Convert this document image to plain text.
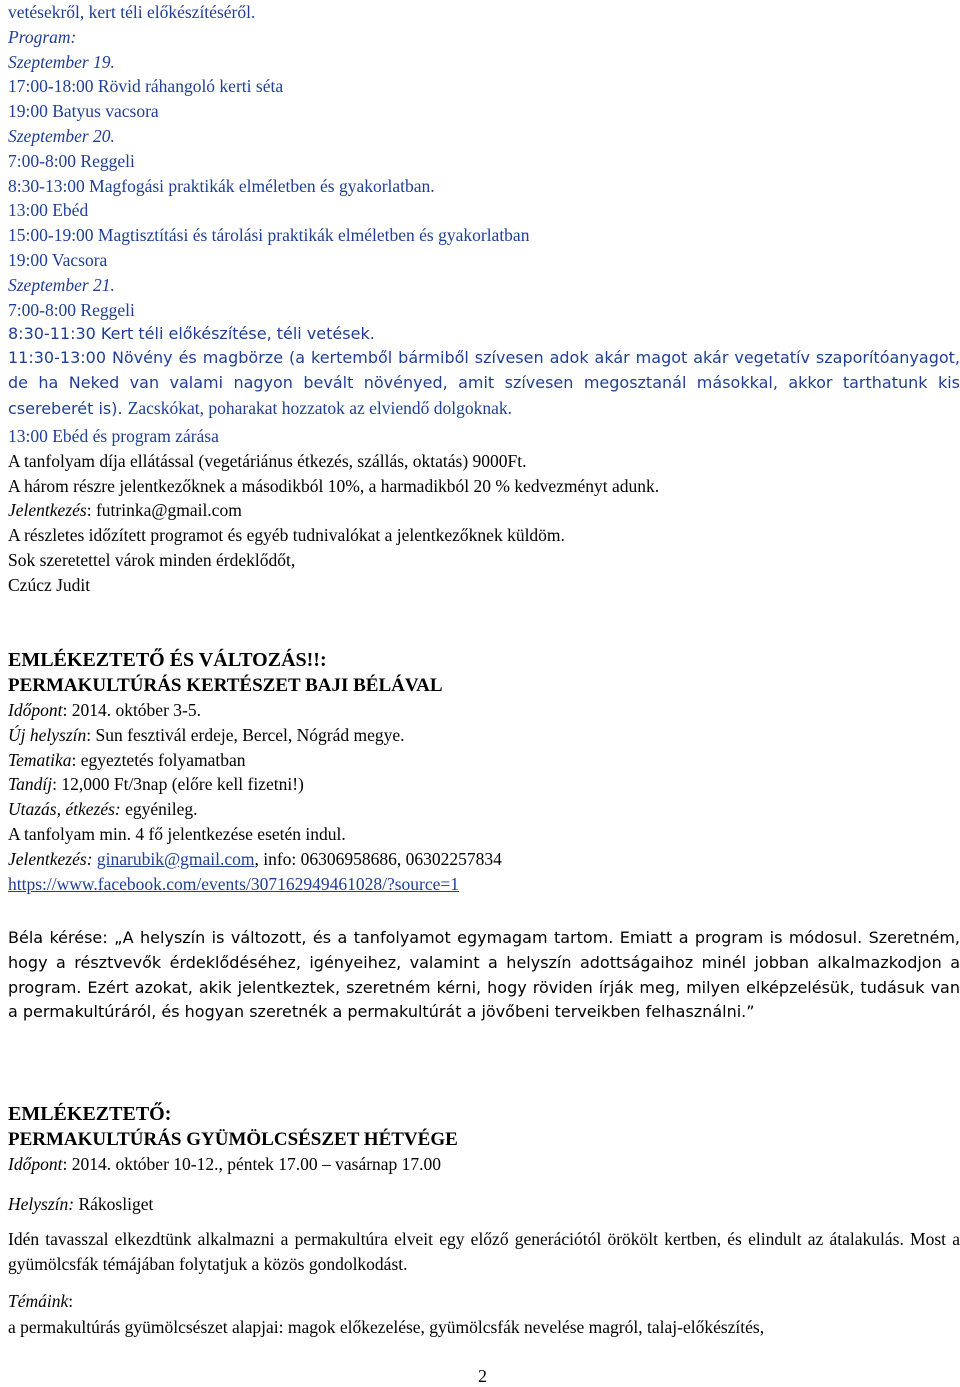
vetésekről, kert téli előkészítéséről.
Program:
Szeptember 19.
17:00-18:00 Rövid ráhangoló kerti séta
19:00 Batyus vacsora
Szeptember 20.
7:00-8:00 Reggeli
8:30-13:00 Magfogási praktikák elméletben és gyakorlatban.
13:00 Ebéd
15:00-19:00 Magtisztítási és tárolási praktikák elméletben és gyakorlatban
19:00 Vacsora
Szeptember 21.
7:00-8:00 Reggeli
8:30-11:30 Kert téli előkészítése, téli vetések.
11:30-13:00 Növény és magbörze (a kertemből bármiből szívesen adok akár magot akár vegetatív szaporítóanyagot, de ha Neked van valami nagyon bevált növényed, amit szívesen megosztanál másokkal, akkor tarthatunk kis csereberét is). Zacskókat, poharakat hozzatok az elviendő dolgoknak.
13:00 Ebéd és program zárása
A tanfolyam díja ellátással (vegetáriánus étkezés, szállás, oktatás) 9000Ft.
A három részre jelentkezőknek a másodikból 10%, a harmadikból 20 % kedvezményt adunk.
Jelentkezés: futrinka@gmail.com
A részletes időzített programot és egyéb tudnivalókat a jelentkezőknek küldöm.
Sok szeretettel várok minden érdeklődőt,
Czúcz Judit
EMLÉKEZTETŐ ÉS VÁLTOZÁS!!:
PERMAKULTÚRÁS KERTÉSZET BAJI BÉLÁVAL
Időpont: 2014. október 3-5.
Új helyszín: Sun fesztivál erdeje, Bercel, Nógrád megye.
Tematika: egyeztetés folyamatban
Tandíj: 12,000 Ft/3nap (előre kell fizetni!)
Utazás, étkezés: egyénileg.
A tanfolyam min. 4 fő jelentkezése esetén indul.
Jelentkezés: ginarubik@gmail.com, info: 06306958686, 06302257834
https://www.facebook.com/events/307162949461028/?source=1
Béla kérése: „A helyszín is változott, és a tanfolyamot egymagam tartom. Emiatt a program is módosul. Szeretném, hogy a résztvevők érdeklődéséhez, igényeihez, valamint a helyszín adottságaihoz minél jobban alkalmazkodjon a program. Ezért azokat, akik jelentkeztek, szeretném kérni, hogy röviden írják meg, milyen elképzelésük, tudásuk van a permakultúráról, és hogyan szeretnék a permakultúrát a jövőbeni terveikben felhasználni.”
EMLÉKEZTETŐ:
PERMAKULTÚRÁS GYÜMÖLCSÉSZET HÉTVÉGE
Időpont: 2014. október 10-12., péntek 17.00 – vasárnap 17.00
Helyszín: Rákosliget
Idén tavasszal elkezdtünk alkalmazni a permakultúra elveit egy előző generációtól örökölt kertben, és elindult az átalakulás. Most a gyümölcsfák témájában folytatjuk a közös gondolkodást.
Témáink:
a permakultúrás gyümölcsészet alapjai: magok előkezelése, gyümölcsfák nevelése magról, talaj-előkészítés,
2
